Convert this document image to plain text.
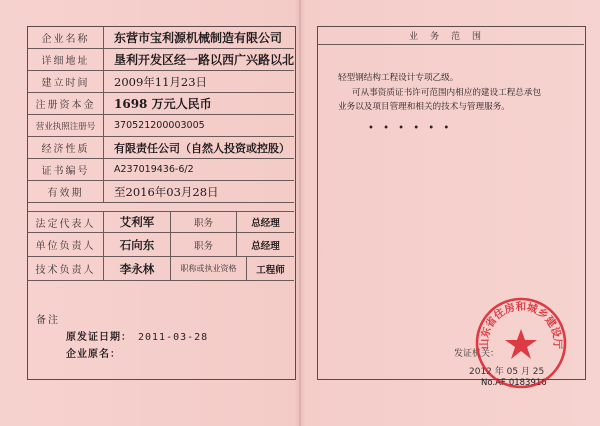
企业名称	东营市宝利源机械制造有限公司
详细地址	垦利开发区经一路以西广兴路以北
建立时间	2009年11月23日
注册资本金	1698 万元人民币
营业执照注册号	370521200003005
经济性质	有限责任公司（自然人投资或控股）
证书编号	A237019436-6/2
有效期	至2016年03月28日
法定代表人	艾利军	职务	总经理
单位负责人	石向东	职务	总经理
技术负责人	李永林	职称或执业资格 工程师
备注
原发证日期： 2011-03-28
企业原名：
业务范围
轻型钢结构工程设计专项乙级。
可从事资质证书许可范围内相应的建设工程总承包
业务以及项目管理和相关的技术与管理服务。
• • • • • •
发证机关：
2012 年 05 月 25
No.AF 0183916
山东省住房和城乡建设厅
